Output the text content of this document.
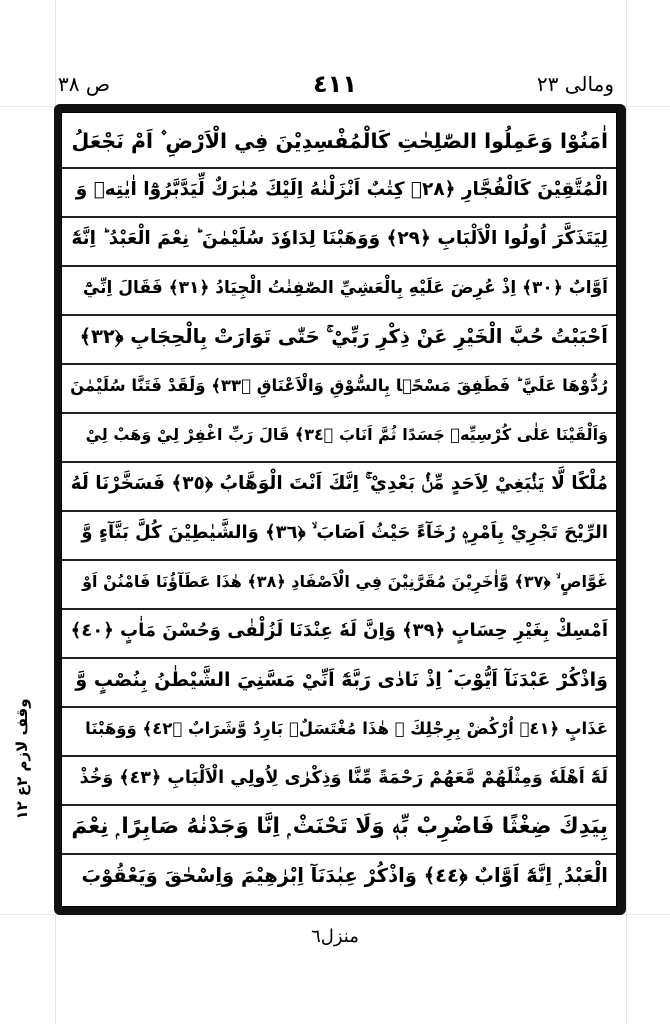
ومالی ٢٣
٤١١
ص ٣٨
اٰمَنُوْا وَعَمِلُوا الصّٰلِحٰتِ كَالْمُفْسِدِيْنَ فِي الْاَرْضِ ۫ اَمْ نَجْعَلُ
الْمُتَّقِيْنَ كَالْفُجَّارِ ﴿٢٨﴾ كِتٰبٌ اَنْزَلْنٰهُ اِلَيْكَ مُبٰرَكٌ لِّيَدَّبَّرُوْٓا اٰيٰتِهٖ وَ
لِيَتَذَكَّرَ اُولُوا الْاَلْبَابِ ﴿٢٩﴾ وَوَهَبْنَا لِدَاوٗدَ سُلَيْمٰنَ ؕ نِعْمَ الْعَبْدُ ؕ اِنَّهٗٓ
اَوَّابٌ ﴿٣٠﴾ اِذْ عُرِضَ عَلَيْهِ بِالْعَشِيِّ الصّٰفِنٰتُ الْجِيَادُ ﴿٣١﴾ فَقَالَ اِنِّيْٓ
اَحْبَبْتُ حُبَّ الْخَيْرِ عَنْ ذِكْرِ رَبِّيْ ۚ حَتّٰى تَوَارَتْ بِالْحِجَابِ ﴿٣٢﴾
رُدُّوْهَا عَلَيَّ ؕ فَطَفِقَ مَسْحًۢا بِالسُّوْقِ وَالْاَعْنَاقِ ﴿٣٣﴾ وَلَقَدْ فَتَنَّا سُلَيْمٰنَ
وَاَلْقَيْنَا عَلٰى كُرْسِيِّهٖ جَسَدًا ثُمَّ اَنَابَ ﴿٣٤﴾ قَالَ رَبِّ اغْفِرْ لِيْ وَهَبْ لِيْ
مُلْكًا لَّا يَنْۢبَغِيْ لِاَحَدٍ مِّنْۢ بَعْدِيْ ۚ اِنَّكَ اَنْتَ الْوَهَّابُ ﴿٣٥﴾ فَسَخَّرْنَا لَهُ
الرِّيْحَ تَجْرِيْ بِاَمْرِهٖ رُخَآءً حَيْثُ اَصَابَ ۙ ﴿٣٦﴾ وَالشَّيٰطِيْنَ كُلَّ بَنَّآءٍ وَّ
غَوَّاصٍ ۙ ﴿٣٧﴾ وَّاٰخَرِيْنَ مُقَرَّنِيْنَ فِي الْاَصْفَادِ ﴿٣٨﴾ هٰذَا عَطَآؤُنَا فَامْنُنْ اَوْ
اَمْسِكْ بِغَيْرِ حِسَابٍ ﴿٣٩﴾ وَاِنَّ لَهٗ عِنْدَنَا لَزُلْفٰى وَحُسْنَ مَاٰبٍ ﴿٤٠﴾
وَاذْكُرْ عَبْدَنَآ اَيُّوْبَ ۘ اِذْ نَادٰى رَبَّهٗٓ اَنِّيْ مَسَّنِيَ الشَّيْطٰنُ بِنُصْبٍ وَّ
عَذَابٍ ﴿٤١﴾ اُرْكُضْ بِرِجْلِكَ ۚ هٰذَا مُغْتَسَلٌۢ بَارِدٌ وَّشَرَابٌ ﴿٤٢﴾ وَوَهَبْنَا
لَهٗٓ اَهْلَهٗ وَمِثْلَهُمْ مَّعَهُمْ رَحْمَةً مِّنَّا وَذِكْرٰى لِاُولِي الْاَلْبَابِ ﴿٤٣﴾ وَخُذْ
بِيَدِكَ ضِغْثًا فَاضْرِبْ بِّهٖ وَلَا تَحْنَثْ ۭ اِنَّا وَجَدْنٰهُ صَابِرًا ۭ نِعْمَ
الْعَبْدُ ۭ اِنَّهٗٓ اَوَّابٌ ﴿٤٤﴾ وَاذْكُرْ عِبٰدَنَآ اِبْرٰهِيْمَ وَاِسْحٰقَ وَيَعْقُوْبَ
وقف لازم ۲ع ۱۲
منزل٦
